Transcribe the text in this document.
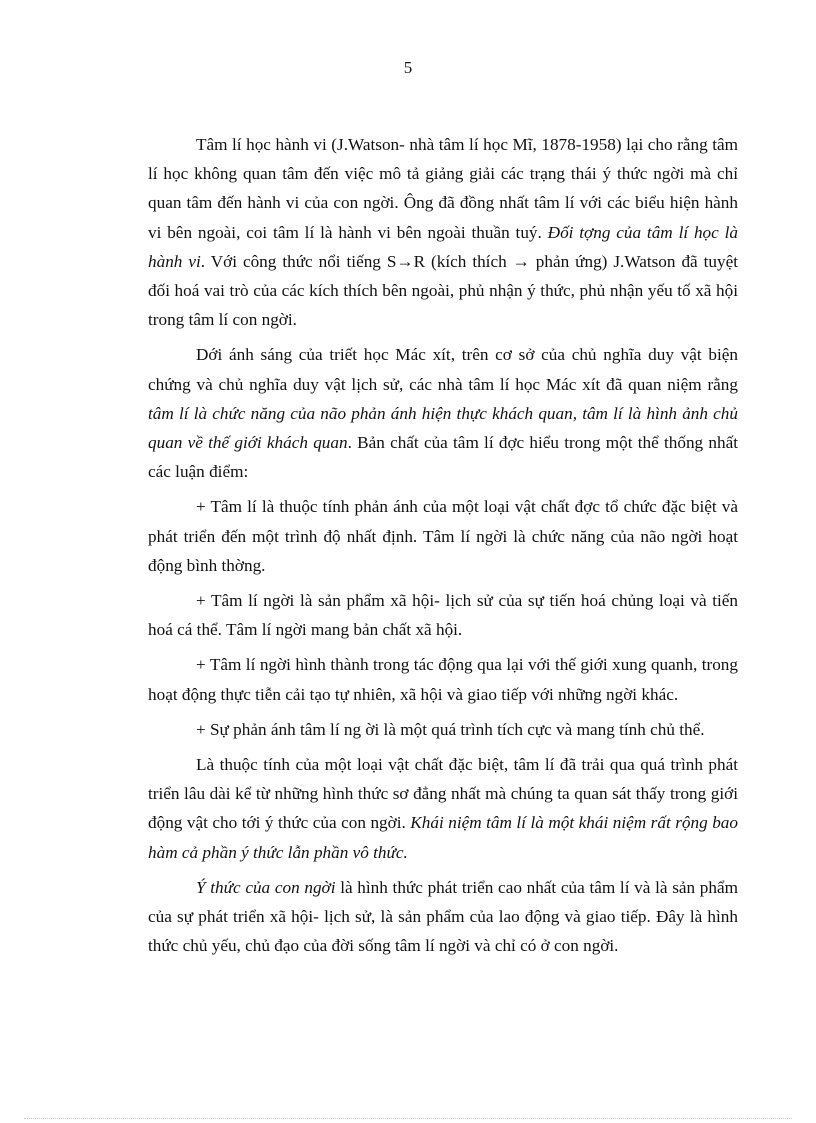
5

Tâm lí học hành vi (J.Watson- nhà tâm lí học Mĩ, 1878-1958) lại cho rằng tâm lí học không quan tâm đến việc mô tả giảng giải các trạng thái ý thức ngời mà chỉ quan tâm đến hành vi của con ngời. Ông đã đồng nhất tâm lí với các biểu hiện hành vi bên ngoài, coi tâm lí là hành vi bên ngoài thuần tuý. Đối tợng của tâm lí học là hành vi. Với công thức nổi tiếng S→R (kích thích → phản ứng) J.Watson đã tuyệt đối hoá vai trò của các kích thích bên ngoài, phủ nhận ý thức, phủ nhận yếu tố xã hội trong tâm lí con ngời.

Dới ánh sáng của triết học Mác xít, trên cơ sở của chủ nghĩa duy vật biện chứng và chủ nghĩa duy vật lịch sử, các nhà tâm lí học Mác xít đã quan niệm rằng tâm lí là chức năng của não phản ánh hiện thực khách quan, tâm lí là hình ảnh chủ quan về thế giới khách quan. Bản chất của tâm lí đợc hiểu trong một thể thống nhất các luận điểm:

+ Tâm lí là thuộc tính phản ánh của một loại vật chất đợc tổ chức đặc biệt và phát triển đến một trình độ nhất định. Tâm lí ngời là chức năng của não ngời hoạt động bình thờng.

+ Tâm lí ngời là sản phẩm xã hội- lịch sử của sự tiến hoá chủng loại và tiến hoá cá thể. Tâm lí ngời mang bản chất xã hội.

+ Tâm lí ngời hình thành trong tác động qua lại với thế giới xung quanh, trong hoạt động thực tiễn cải tạo tự nhiên, xã hội và giao tiếp với những ngời khác.

+ Sự phản ánh tâm lí ng ời là một quá trình tích cực và mang tính chủ thể.

Là thuộc tính của một loại vật chất đặc biệt, tâm lí đã trải qua quá trình phát triển lâu dài kể từ những hình thức sơ đẳng nhất mà chúng ta quan sát thấy trong giới động vật cho tới ý thức của con ngời. Khái niệm tâm lí là một khái niệm rất rộng bao hàm cả phần ý thức lẫn phần vô thức.

Ý thức của con ngời là hình thức phát triển cao nhất của tâm lí và là sản phẩm của sự phát triển xã hội- lịch sử, là sản phẩm của lao động và giao tiếp. Đây là hình thức chủ yếu, chủ đạo của đời sống tâm lí ngời và chỉ có ở con ngời.
